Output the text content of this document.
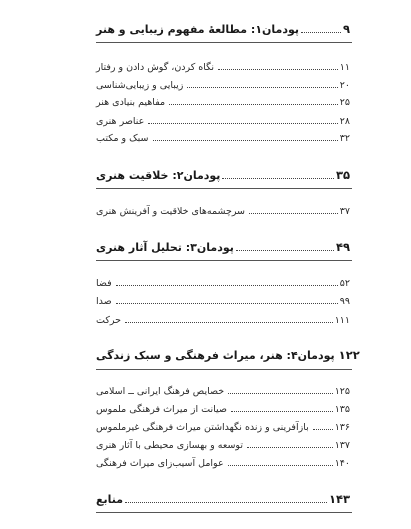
پودمان۱: مطالعهٔ مفهوم زیبایی و هنر	۹
نگاه کردن، گوش دادن و رفتار	۱۱
زیبایی و زیبایی‌شناسی	۲۰
مفاهیم بنیادی هنر	۲۵
عناصر هنری	۲۸
سبک و مکتب	۳۲
پودمان۲: خلاقیت هنری	۳۵
سرچشمه‌های خلاقیت و آفرینش هنری	۳۷
پودمان۳: تحلیل آثار هنری	۴۹
فضا	۵۲
صدا	۹۹
حرکت	۱۱۱
پودمان۴: هنر، میراث فرهنگی و سبک زندگی ۱۲۲
خصایص فرهنگ ایرانی ــ اسلامی	۱۲۵
صیانت از میراث فرهنگی ملموس	۱۳۵
بازآفرینی و زنده نگهداشتن میراث فرهنگی غیرملموس	۱۳۶
توسعه و بهسازی محیطی با آثار هنری	۱۳۷
عوامل آسیب‌زای میراث فرهنگی	۱۴۰
منابع	۱۴۳
